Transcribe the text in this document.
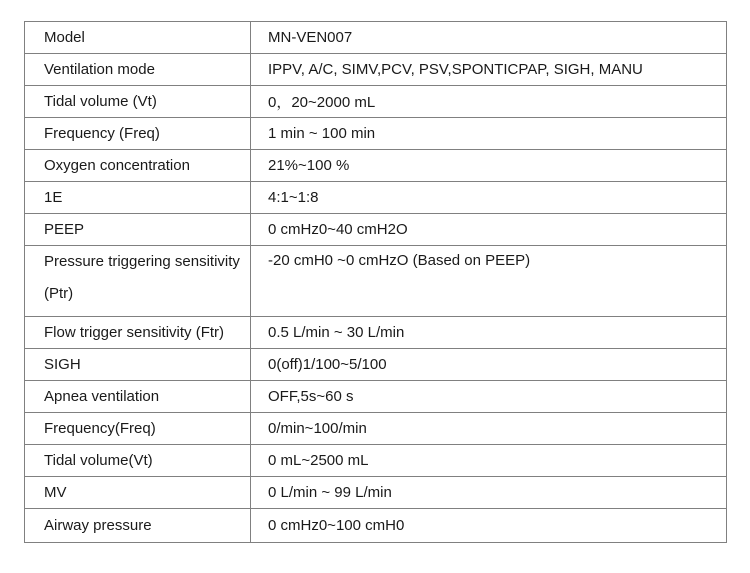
Model	MN-VEN007
Ventilation mode	IPPV, A/C, SIMV,PCV, PSV,SPONTICPAP, SIGH, MANU
Tidal volume (Vt)	0，20~2000 mL
Frequency (Freq)	1 min ~ 100 min
Oxygen concentration	21%~100 %
1E	4:1~1:8
PEEP	0 cmHz0~40 cmH2O
Pressure triggering sensitivity (Ptr)	-20 cmH0 ~0 cmHzO (Based on PEEP)
Flow trigger sensitivity (Ftr)	0.5 L/min ~ 30 L/min
SIGH	0(off)1/100~5/100
Apnea ventilation	OFF,5s~60 s
Frequency(Freq)	0/min~100/min
Tidal volume(Vt)	0 mL~2500 mL
MV	0 L/min ~ 99 L/min
Airway pressure	0 cmHz0~100 cmH0
